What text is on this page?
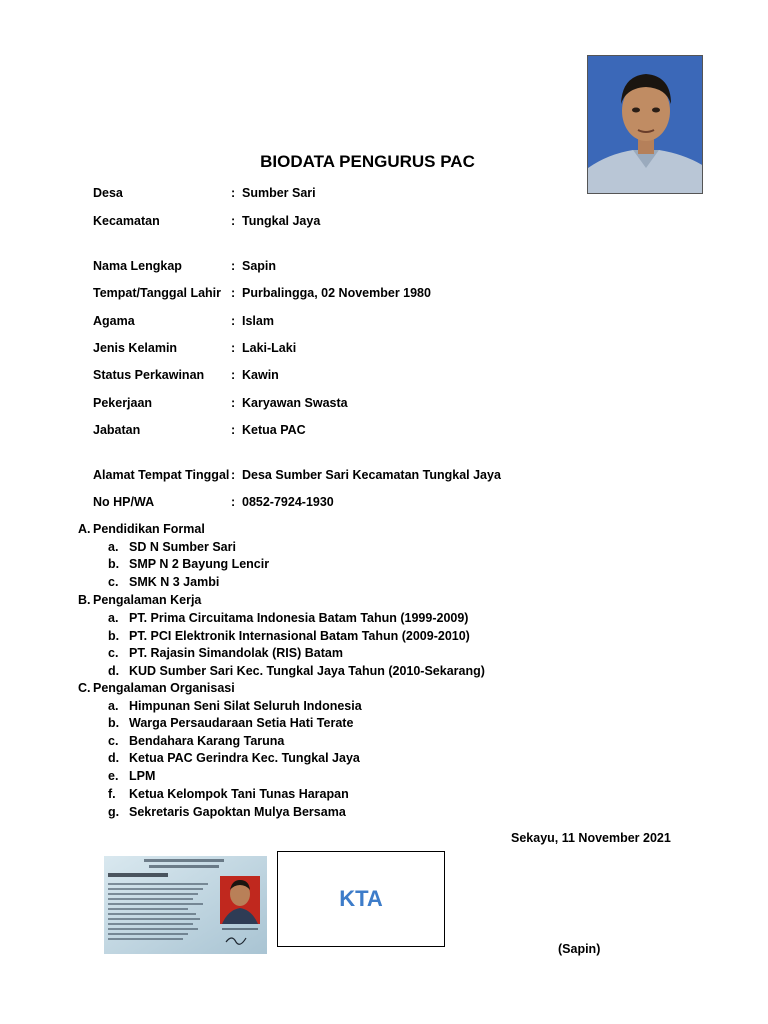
BIODATA PENGURUS PAC
Desa	: Sumber Sari
Kecamatan	: Tungkal Jaya
Nama Lengkap	: Sapin
Tempat/Tanggal Lahir : Purbalingga, 02 November 1980
Agama	: Islam
Jenis Kelamin	: Laki-Laki
Status Perkawinan : Kawin
Pekerjaan	: Karyawan Swasta
Jabatan	: Ketua PAC
Alamat Tempat Tinggal : Desa Sumber Sari Kecamatan Tungkal Jaya
No HP/WA	: 0852-7924-1930
A. Pendidikan Formal
a. SD N Sumber Sari
b. SMP N 2 Bayung Lencir
c. SMK N 3 Jambi
B. Pengalaman Kerja
a. PT. Prima Circuitama Indonesia Batam Tahun (1999-2009)
b. PT. PCI Elektronik Internasional Batam Tahun (2009-2010)
c. PT. Rajasin Simandolak (RIS) Batam
d. KUD Sumber Sari Kec. Tungkal Jaya Tahun (2010-Sekarang)
C. Pengalaman Organisasi
a. Himpunan Seni Silat Seluruh Indonesia
b. Warga Persaudaraan Setia Hati Terate
c. Bendahara Karang Taruna
d. Ketua PAC Gerindra Kec. Tungkal Jaya
e. LPM
f. Ketua Kelompok Tani Tunas Harapan
g. Sekretaris Gapoktan Mulya Bersama
Sekayu, 11 November 2021
KTA
(Sapin)
